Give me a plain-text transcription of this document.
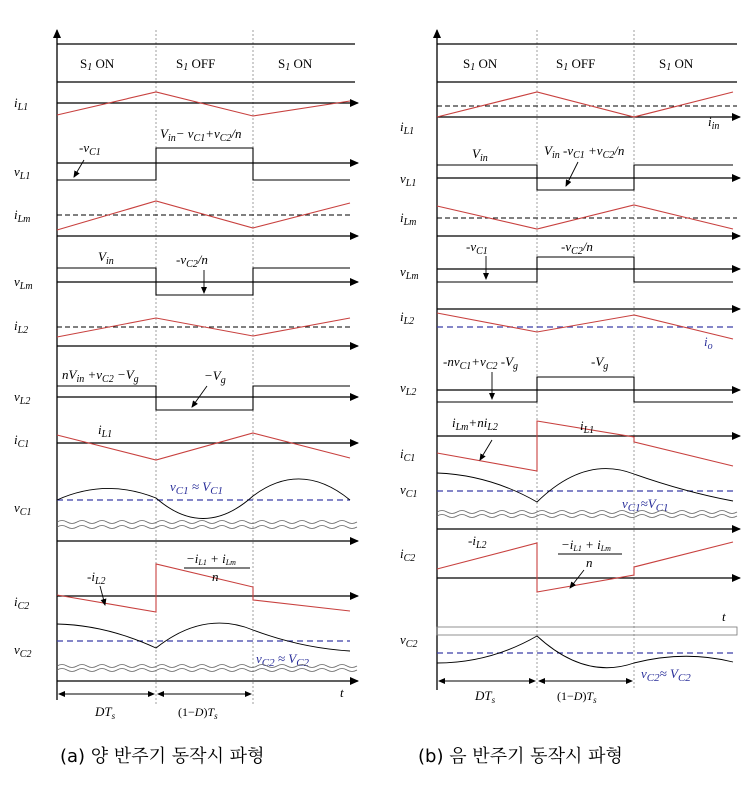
S1 ON	S1 OFF	S1 ON
$i_{L1}$
$v_{L1}$
$-v_{C1}$
$V_{in}- v_{C1}+v_{C2}/n$
$i_{Lm}$
$v_{Lm}$
$V_{in}$	$-v_{C2}/n$
$i_{L2}$
$v_{L2}$
$nV_{in} +v_{C2} -V_g$	$-V_g$
$i_{C1}$
$i_{L1}$
$v_{C1}$
$v_{C1} \approx V_{C1}$
$i_{C2}$
$-i_{L2}$
−iL1 + iLm
n
$v_{C2}$	$v_{C2} \approx V_{C2}$
t
$DT_s$	$(1-D)T_s$
(a) 양 반주기 동작시 파형
S1 ON	S1 OFF	S1 ON
$i_{L1}$
$i_{in}$
$v_{L1}$
$V_{in}$
$V_{in}$ $-v_{C1} +v_{C2}/n$
$i_{Lm}$
$v_{Lm}$
$-v_{C1}$	$-v_{C2}/n$
$i_{L2}$
$i_o$
$v_{L2}$
$-nv_{C1}+v_{C2}$ $-V_g$	$-V_g$
$i_{C1}$
$i_{Lm}+ni_{L2}$	$i_{L1}$
$v_{C1}$
$v_{C1}\approx V_{C1}$
$i_{C2}$
$-i_{L2}$	−iL1 + iLm
n
t
$v_{C2}$
$v_{C2}\approx V_{C2}$
$DT_s$	$(1-D)T_s$
(b) 음 반주기 동작시 파형
